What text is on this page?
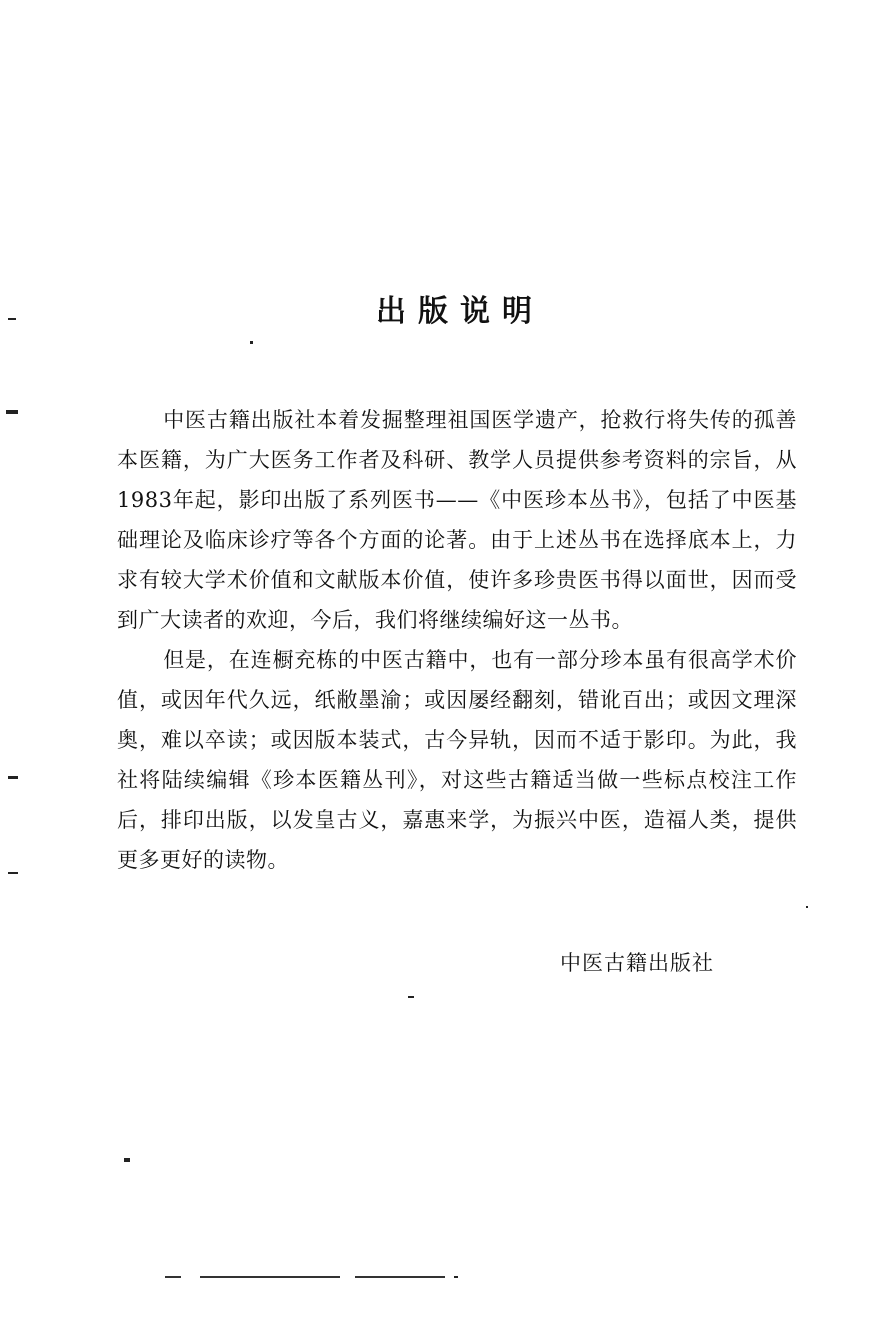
出版说明

中医古籍出版社本着发掘整理祖国医学遗产，抢救行将失传的孤善本医籍，为广大医务工作者及科研、教学人员提供参考资料的宗旨，从1983年起，影印出版了系列医书——《中医珍本丛书》，包括了中医基础理论及临床诊疗等各个方面的论著。由于上述丛书在选择底本上，力求有较大学术价值和文献版本价值，使许多珍贵医书得以面世，因而受到广大读者的欢迎，今后，我们将继续编好这一丛书。

但是，在连橱充栋的中医古籍中，也有一部分珍本虽有很高学术价值，或因年代久远，纸敝墨渝；或因屡经翻刻，错讹百出；或因文理深奥，难以卒读；或因版本装式，古今异轨，因而不适于影印。为此，我社将陆续编辑《珍本医籍丛刊》，对这些古籍适当做一些标点校注工作后，排印出版，以发皇古义，嘉惠来学，为振兴中医，造福人类，提供更多更好的读物。

中医古籍出版社
